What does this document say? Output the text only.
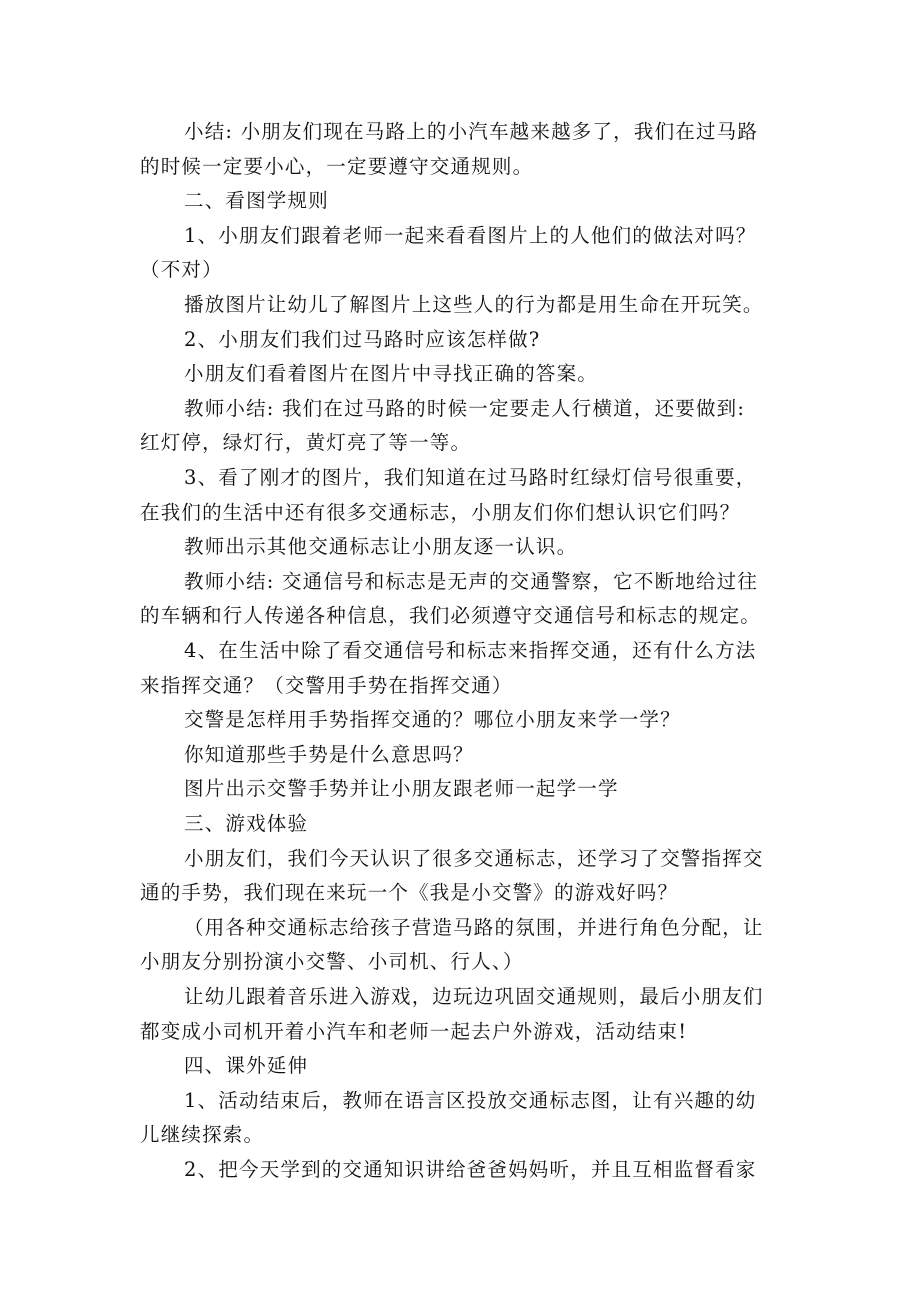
小结: 小朋友们现在马路上的小汽车越来越多了，我们在过马路
的时候一定要小心，一定要遵守交通规则。
二、看图学规则
1、小朋友们跟着老师一起来看看图片上的人他们的做法对吗？
（不对）
播放图片让幼儿了解图片上这些人的行为都是用生命在开玩笑。
2、小朋友们我们过马路时应该怎样做?
小朋友们看着图片在图片中寻找正确的答案。
教师小结: 我们在过马路的时候一定要走人行横道，还要做到:
红灯停，绿灯行，黄灯亮了等一等。
3、看了刚才的图片，我们知道在过马路时红绿灯信号很重要，
在我们的生活中还有很多交通标志，小朋友们你们想认识它们吗？
教师出示其他交通标志让小朋友逐一认识。
教师小结: 交通信号和标志是无声的交通警察，它不断地给过往
的车辆和行人传递各种信息，我们必须遵守交通信号和标志的规定。
4、在生活中除了看交通信号和标志来指挥交通，还有什么方法
来指挥交通？（交警用手势在指挥交通）
交警是怎样用手势指挥交通的？哪位小朋友来学一学？
你知道那些手势是什么意思吗？
图片出示交警手势并让小朋友跟老师一起学一学
三、游戏体验
小朋友们，我们今天认识了很多交通标志，还学习了交警指挥交
通的手势，我们现在来玩一个《我是小交警》的游戏好吗？
（用各种交通标志给孩子营造马路的氛围，并进行角色分配，让
小朋友分别扮演小交警、小司机、行人、）
让幼儿跟着音乐进入游戏，边玩边巩固交通规则，最后小朋友们
都变成小司机开着小汽车和老师一起去户外游戏，活动结束!
四、课外延伸
1、活动结束后，教师在语言区投放交通标志图，让有兴趣的幼
儿继续探索。
2、把今天学到的交通知识讲给爸爸妈妈听，并且互相监督看家
